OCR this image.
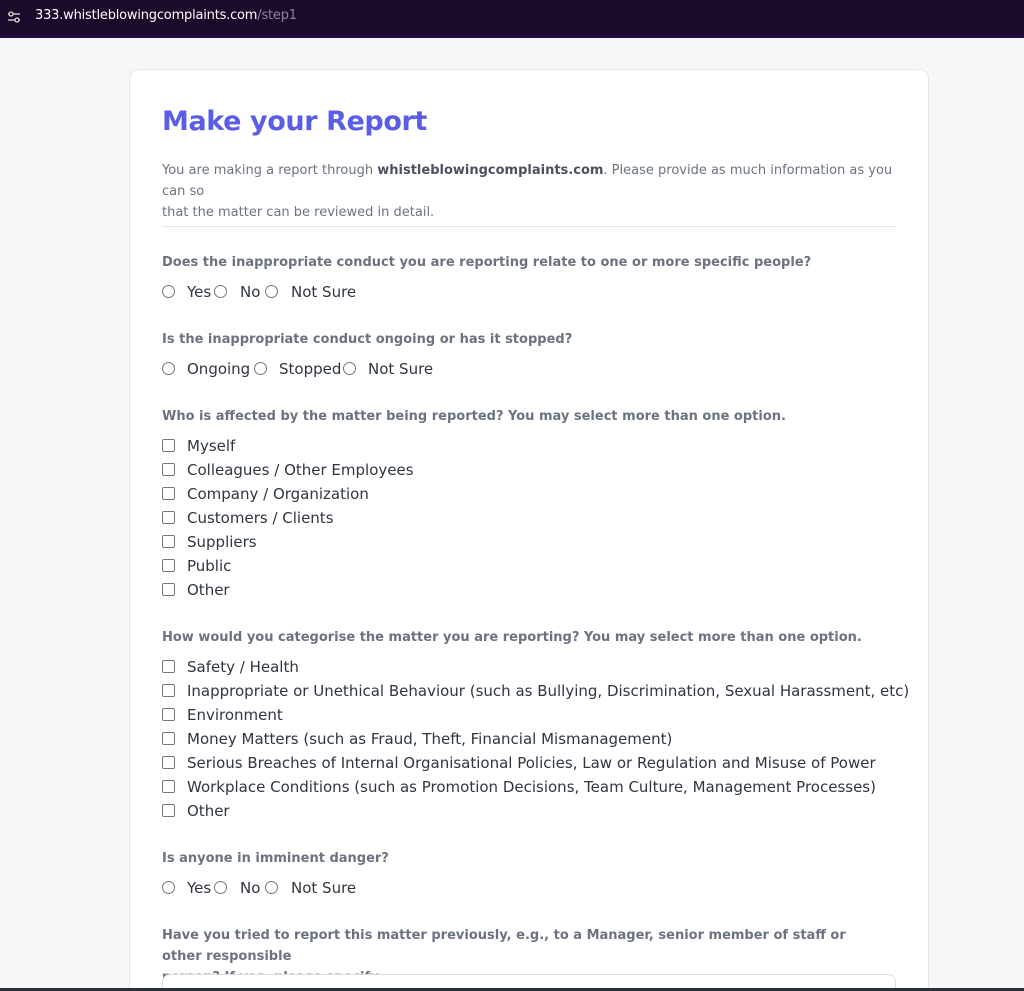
333.whistleblowingcomplaints.com/step1
Make your Report
You are making a report through whistleblowingcomplaints.com. Please provide as much information as you can so
that the matter can be reviewed in detail.
Does the inappropriate conduct you are reporting relate to one or more specific people?
Yes No Not Sure
Is the inappropriate conduct ongoing or has it stopped?
Ongoing Stopped Not Sure
Who is affected by the matter being reported? You may select more than one option.
Myself
Colleagues / Other Employees
Company / Organization
Customers / Clients
Suppliers
Public
Other
How would you categorise the matter you are reporting? You may select more than one option.
Safety / Health
Inappropriate or Unethical Behaviour (such as Bullying, Discrimination, Sexual Harassment, etc)
Environment
Money Matters (such as Fraud, Theft, Financial Mismanagement)
Serious Breaches of Internal Organisational Policies, Law or Regulation and Misuse of Power
Workplace Conditions (such as Promotion Decisions, Team Culture, Management Processes)
Other
Is anyone in imminent danger?
Yes No Not Sure
Have you tried to report this matter previously, e.g., to a Manager, senior member of staff or other responsible
